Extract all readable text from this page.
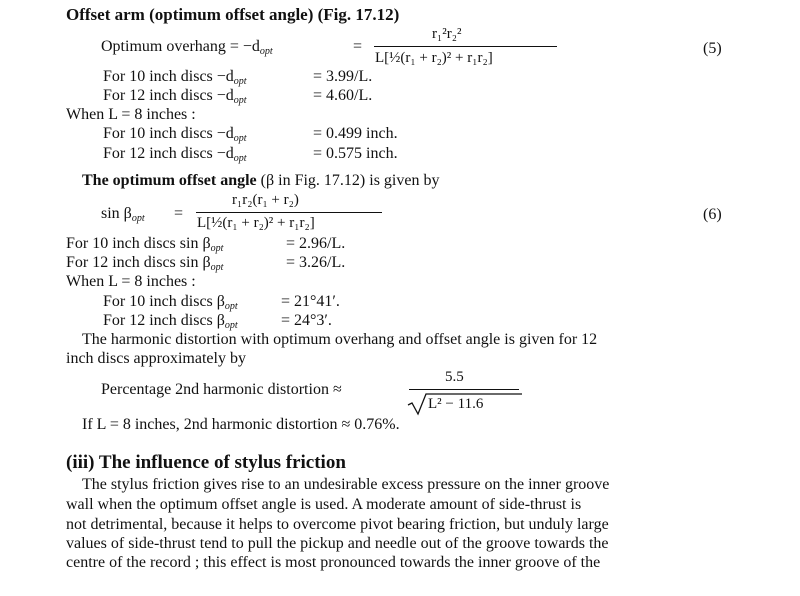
Offset arm (optimum offset angle) (Fig. 17.12)
Optimum overhang = $-d_{opt}$	=
r₁²r₂²
L[½(r₁ + r₂)² + r₁r₂]
(5)
For 10 inch discs $-d_{opt}$	= 3.99/L.
For 12 inch discs $-d_{opt}$	= 4.60/L.
When L = 8 inches :
For 10 inch discs $-d_{opt}$	= 0.499 inch.
For 12 inch discs $-d_{opt}$	= 0.575 inch.
The optimum offset angle (β in Fig. 17.12) is given by
$\sin \beta_{opt}$ =
r₁r₂(r₁ + r₂)
L[½(r₁ + r₂)² + r₁r₂]	(6)
For 10 inch discs $\sin \beta_{opt}$	= 2.96/L.
For 12 inch discs $\sin \beta_{opt}$	= 3.26/L.
When L = 8 inches :
For 10 inch discs $\beta_{opt}$	= 21°41′.
For 12 inch discs $\beta_{opt}$	= 24°3′.
The harmonic distortion with optimum overhang and offset angle is given for 12
inch discs approximately by
Percentage 2nd harmonic distortion ≈
5.5
L² − 11.6
If L = 8 inches, 2nd harmonic distortion ≈ 0.76%.
(iii) The influence of stylus friction
The stylus friction gives rise to an undesirable excess pressure on the inner groove
wall when the optimum offset angle is used. A moderate amount of side-thrust is
not detrimental, because it helps to overcome pivot bearing friction, but unduly large
values of side-thrust tend to pull the pickup and needle out of the groove towards the
centre of the record ; this effect is most pronounced towards the inner groove of the
